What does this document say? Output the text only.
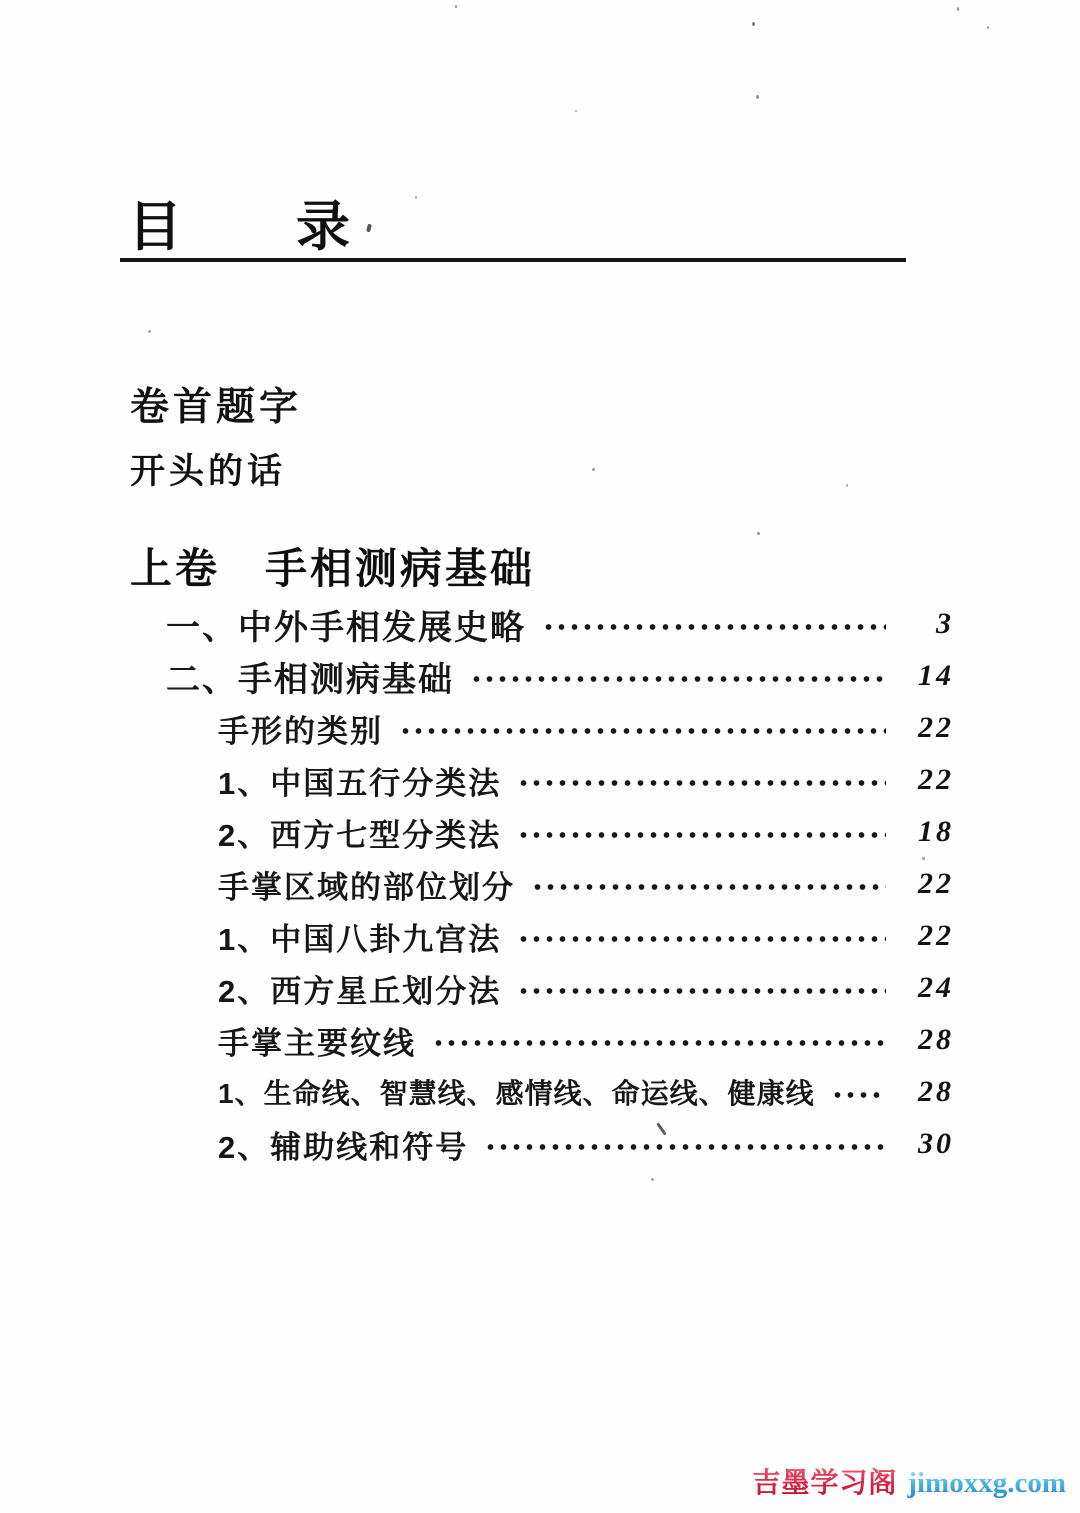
目　　录
卷首题字
开头的话
上卷　手相测病基础
一、中外手相发展史略	3
二、手相测病基础	14
手形的类别	22
1、中国五行分类法	22
2、西方七型分类法	18
手掌区域的部位划分	22
1、中国八卦九宫法	22
2、西方星丘划分法	24
手掌主要纹线	28
1、生命线、智慧线、感情线、命运线、健康线	28
2、辅助线和符号	30
吉墨学习阁 jimoxxg.com
